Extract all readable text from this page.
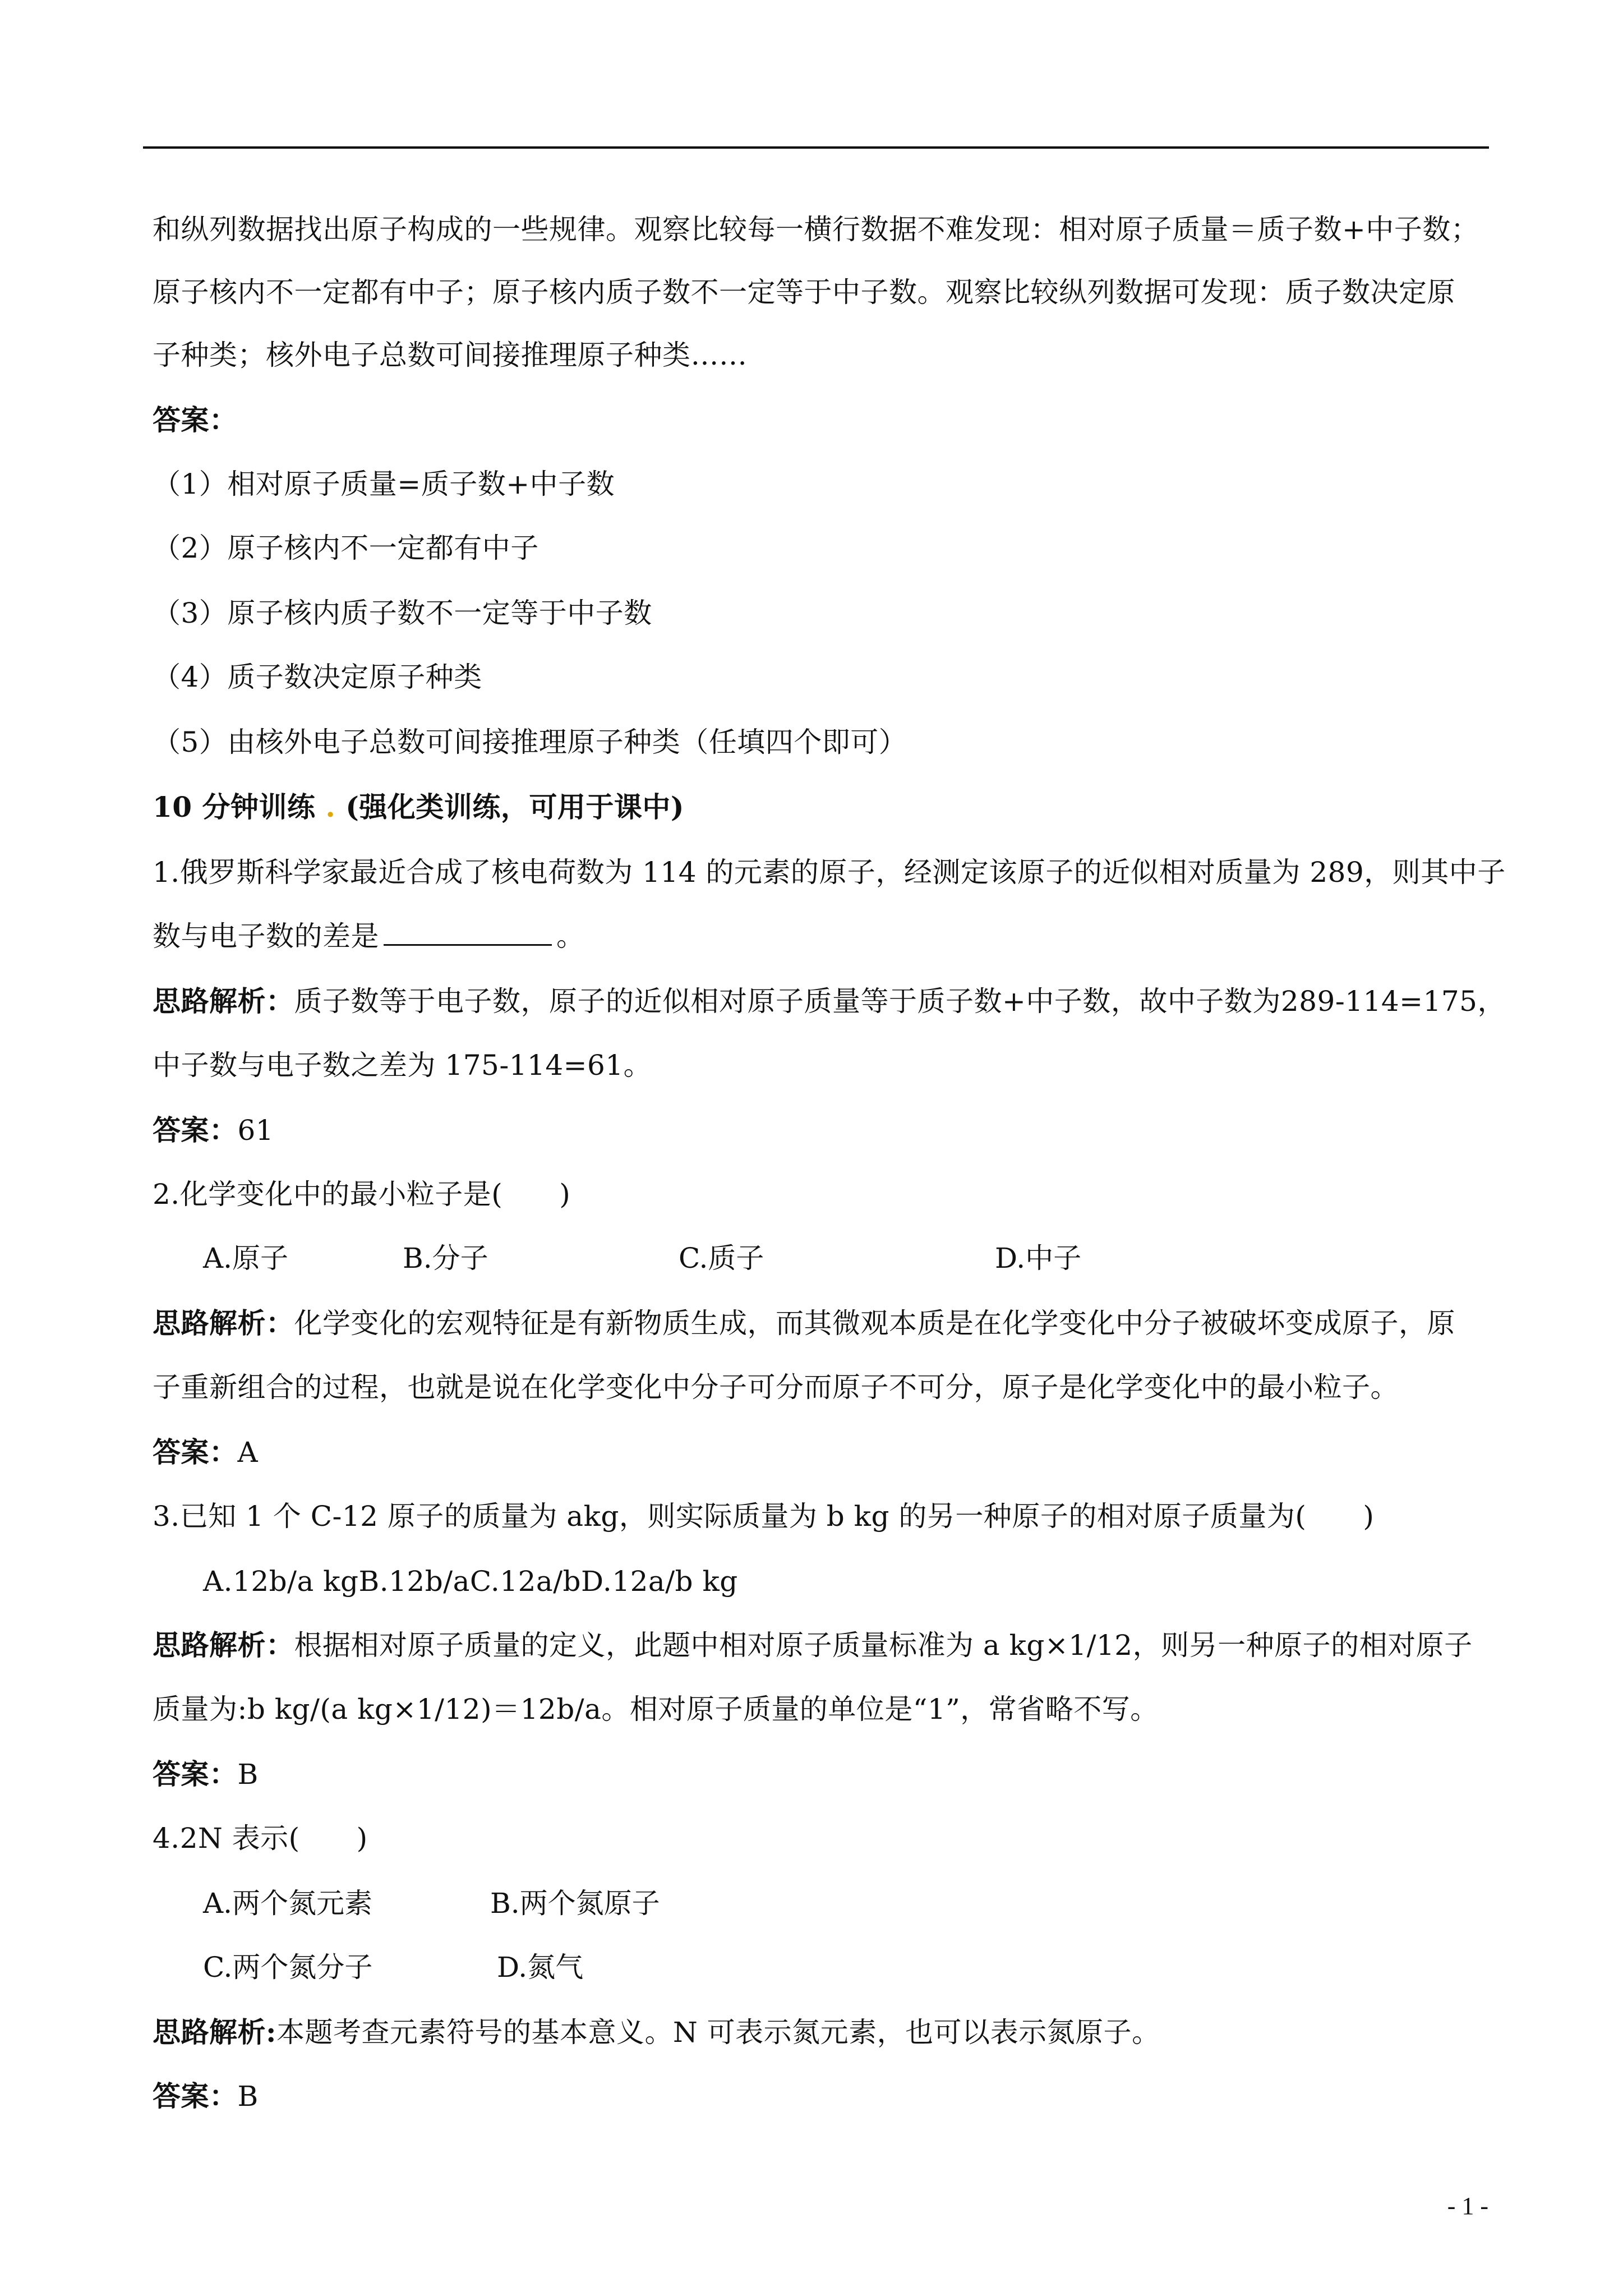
和纵列数据找出原子构成的一些规律。观察比较每一横行数据不难发现：相对原子质量＝质子数+中子数；
原子核内不一定都有中子；原子核内质子数不一定等于中子数。观察比较纵列数据可发现：质子数决定原
子种类；核外电子总数可间接推理原子种类……
答案：
（1）相对原子质量=质子数+中子数
（2）原子核内不一定都有中子
（3）原子核内质子数不一定等于中子数
（4）质子数决定原子种类
（5）由核外电子总数可间接推理原子种类（任填四个即可）
10 分钟训练 . (强化类训练，可用于课中)
1.俄罗斯科学家最近合成了核电荷数为 114 的元素的原子，经测定该原子的近似相对质量为 289，则其中子
数与电子数的差是	。
思路解析：质子数等于电子数，原子的近似相对原子质量等于质子数+中子数，故中子数为289-114=175，
中子数与电子数之差为 175-114=61。
答案：61
2.化学变化中的最小粒子是(　　)
A.原子	B.分子	C.质子	D.中子
思路解析：化学变化的宏观特征是有新物质生成，而其微观本质是在化学变化中分子被破坏变成原子，原
子重新组合的过程，也就是说在化学变化中分子可分而原子不可分，原子是化学变化中的最小粒子。
答案：A
3.已知 1 个 C-12 原子的质量为 akg，则实际质量为 b kg 的另一种原子的相对原子质量为(　　)
A.12b/a kgB.12b/aC.12a/bD.12a/b kg
思路解析：根据相对原子质量的定义，此题中相对原子质量标准为 a kg×1/12，则另一种原子的相对原子
质量为:b kg/(a kg×1/12)＝12b/a。相对原子质量的单位是“1”，常省略不写。
答案：B
4.2N 表示(　　)
A.两个氮元素	B.两个氮原子
C.两个氮分子	D.氮气
思路解析:本题考查元素符号的基本意义。N 可表示氮元素，也可以表示氮原子。
答案：B
- 1 -
